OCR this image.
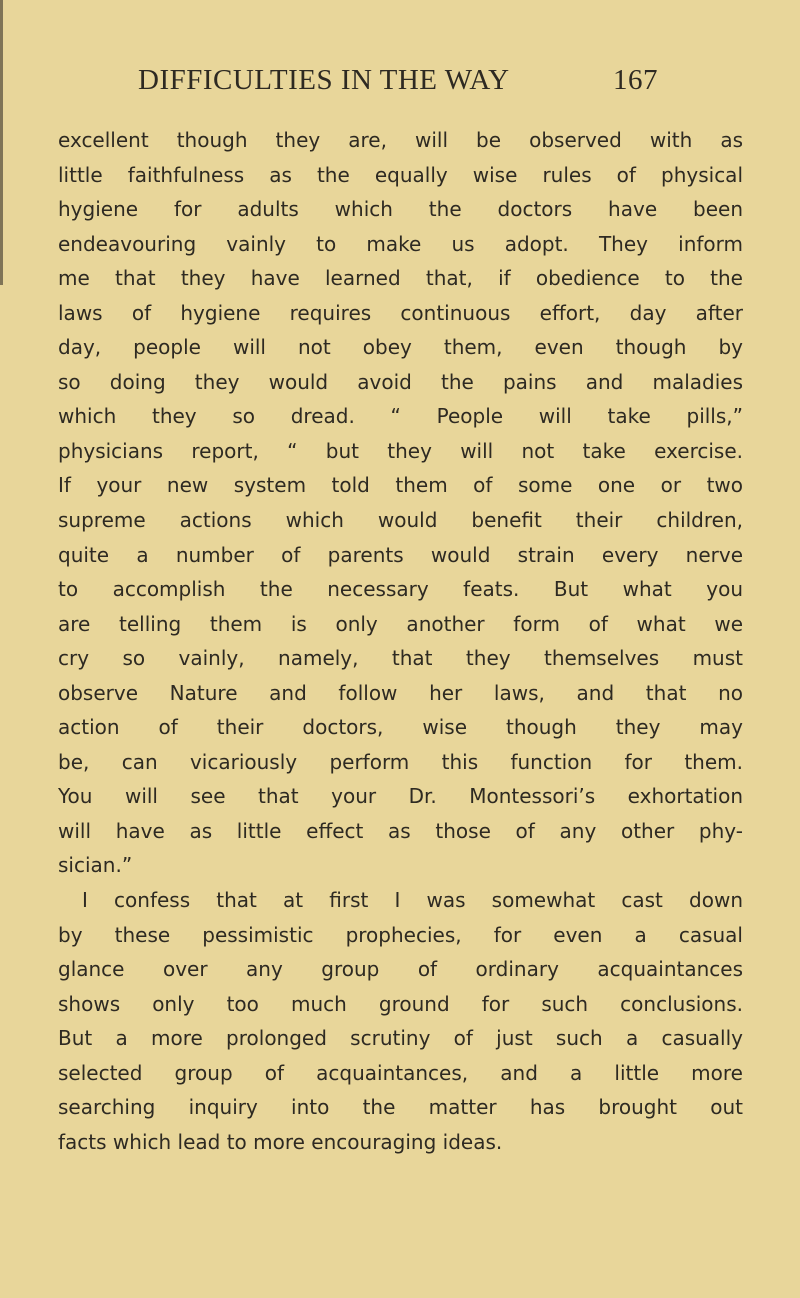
DIFFICULTIES IN THE WAY	167
excellent though they are, will be observed with as
little faithfulness as the equally wise rules of physical
hygiene for adults which the doctors have been
endeavouring vainly to make us adopt. They inform
me that they have learned that, if obedience to the
laws of hygiene requires continuous effort, day after
day, people will not obey them, even though by
so doing they would avoid the pains and maladies
which they so dread. “ People will take pills,”
physicians report, “ but they will not take exercise.
If your new system told them of some one or two
supreme actions which would benefit their children,
quite a number of parents would strain every nerve
to accomplish the necessary feats. But what you
are telling them is only another form of what we
cry so vainly, namely, that they themselves must
observe Nature and follow her laws, and that no
action of their doctors, wise though they may
be, can vicariously perform this function for them.
You will see that your Dr. Montessori’s exhortation
will have as little effect as those of any other phy-
sician.”
I confess that at first I was somewhat cast down
by these pessimistic prophecies, for even a casual
glance over any group of ordinary acquaintances
shows only too much ground for such conclusions.
But a more prolonged scrutiny of just such a casually
selected group of acquaintances, and a little more
searching inquiry into the matter has brought out
facts which lead to more encouraging ideas.
